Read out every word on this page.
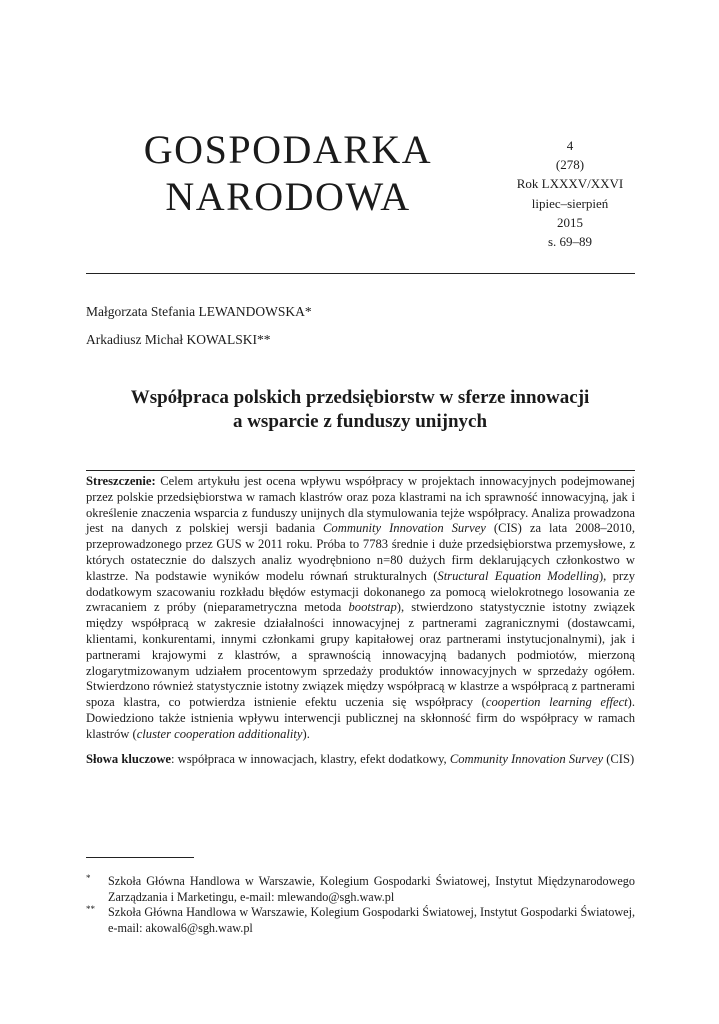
GOSPODARKA
NARODOWA
4
(278)
Rok LXXXV/XXVI
lipiec–sierpień
2015
s. 69–89
Małgorzata Stefania LEWANDOWSKA*
Arkadiusz Michał KOWALSKI**
Współpraca polskich przedsiębiorstw w sferze innowacji
a wsparcie z funduszy unijnych

Streszczenie: Celem artykułu jest ocena wpływu współpracy w projektach innowacyjnych podejmowanej przez polskie przedsiębiorstwa w ramach klastrów oraz poza klastrami na ich sprawność innowacyjną, jak i określenie znaczenia wsparcia z funduszy unijnych dla stymulowania tejże współpracy. Analiza prowadzona jest na danych z polskiej wersji badania Community Innovation Survey (CIS) za lata 2008–2010, przeprowadzonego przez GUS w 2011 roku. Próba to 7783 średnie i duże przedsiębiorstwa przemysłowe, z których ostatecznie do dalszych analiz wyodrębniono n=80 dużych firm deklarujących członkostwo w klastrze. Na podstawie wyników modelu równań strukturalnych (Structural Equation Modelling), przy dodatkowym szacowaniu rozkładu błędów estymacji dokonanego za pomocą wielokrotnego losowania ze zwracaniem z próby (nieparametryczna metoda bootstrap), stwierdzono statystycznie istotny związek między współpracą w zakresie działalności innowacyjnej z partnerami zagranicznymi (dostawcami, klientami, konkurentami, innymi członkami grupy kapitałowej oraz partnerami instytucjonalnymi), jak i partnerami krajowymi z klastrów, a sprawnością innowacyjną badanych podmiotów, mierzoną zlogarytmizowanym udziałem procentowym sprzedaży produktów innowacyjnych w sprzedaży ogółem. Stwierdzono również statystycznie istotny związek między współpracą w klastrze a współpracą z partnerami spoza klastra, co potwierdza istnienie efektu uczenia się współpracy (coopertion learning effect). Dowiedziono także istnienia wpływu interwencji publicznej na skłonność firm do współpracy w ramach klastrów (cluster cooperation additionality).

Słowa kluczowe: współpraca w innowacjach, klastry, efekt dodatkowy, Community Innovation Survey (CIS)

* Szkoła Główna Handlowa w Warszawie, Kolegium Gospodarki Światowej, Instytut Międzynarodowego Zarządzania i Marketingu, e-mail: mlewando@sgh.waw.pl
** Szkoła Główna Handlowa w Warszawie, Kolegium Gospodarki Światowej, Instytut Gospodarki Światowej, e-mail: akowal6@sgh.waw.pl
